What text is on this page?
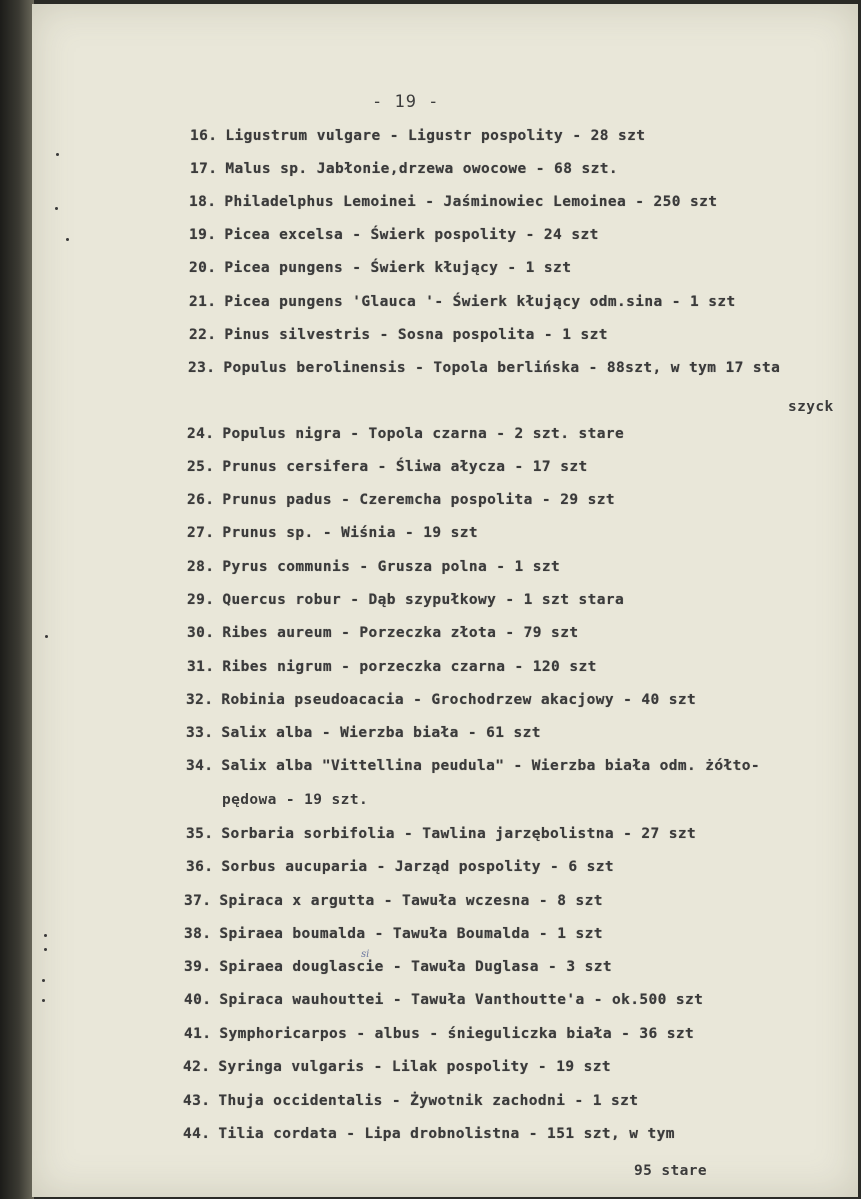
- 19 -
16. Ligustrum vulgare - Ligustr pospolity - 28 szt
17. Malus sp. Jabłonie,drzewa owocowe - 68 szt.
18. Philadelphus Lemoinei - Jaśminowiec Lemoinea - 250 szt
19. Picea excelsa - Świerk pospolity - 24 szt
20. Picea pungens - Świerk kłujący - 1 szt
21. Picea pungens 'Glauca '- Świerk kłujący odm.sina - 1 szt
22. Pinus silvestris - Sosna pospolita - 1 szt
23. Populus berolinensis - Topola berlińska - 88szt, w tym 17 sta
szyck
24. Populus nigra - Topola czarna - 2 szt. stare
25. Prunus cersifera - Śliwa ałycza - 17 szt
26. Prunus padus - Czeremcha pospolita - 29 szt
27. Prunus sp. - Wiśnia - 19 szt
28. Pyrus communis - Grusza polna - 1 szt
29. Quercus robur - Dąb szypułkowy - 1 szt stara
30. Ribes aureum - Porzeczka złota - 79 szt
31. Ribes nigrum - porzeczka czarna - 120 szt
32. Robinia pseudoacacia - Grochodrzew akacjowy - 40 szt
33. Salix alba - Wierzba biała - 61 szt
34. Salix alba "Vittellina peudula" - Wierzba biała odm. żółto-
pędowa - 19 szt.
35. Sorbaria sorbifolia - Tawlina jarzębolistna - 27 szt
36. Sorbus aucuparia - Jarząd pospolity - 6 szt
37. Spiraca x argutta - Tawuła wczesna - 8 szt
38. Spiraea boumalda - Tawuła Boumalda - 1 szt
si
39. Spiraea douglascie - Tawuła Duglasa - 3 szt
40. Spiraca wauhouttei - Tawuła Vanthoutte'a - ok.500 szt
41. Symphoricarpos - albus - śnieguliczka biała - 36 szt
42. Syringa vulgaris - Lilak pospolity - 19 szt
43. Thuja occidentalis - Żywotnik zachodni - 1 szt
44. Tilia cordata - Lipa drobnolistna - 151 szt, w tym
95 stare
